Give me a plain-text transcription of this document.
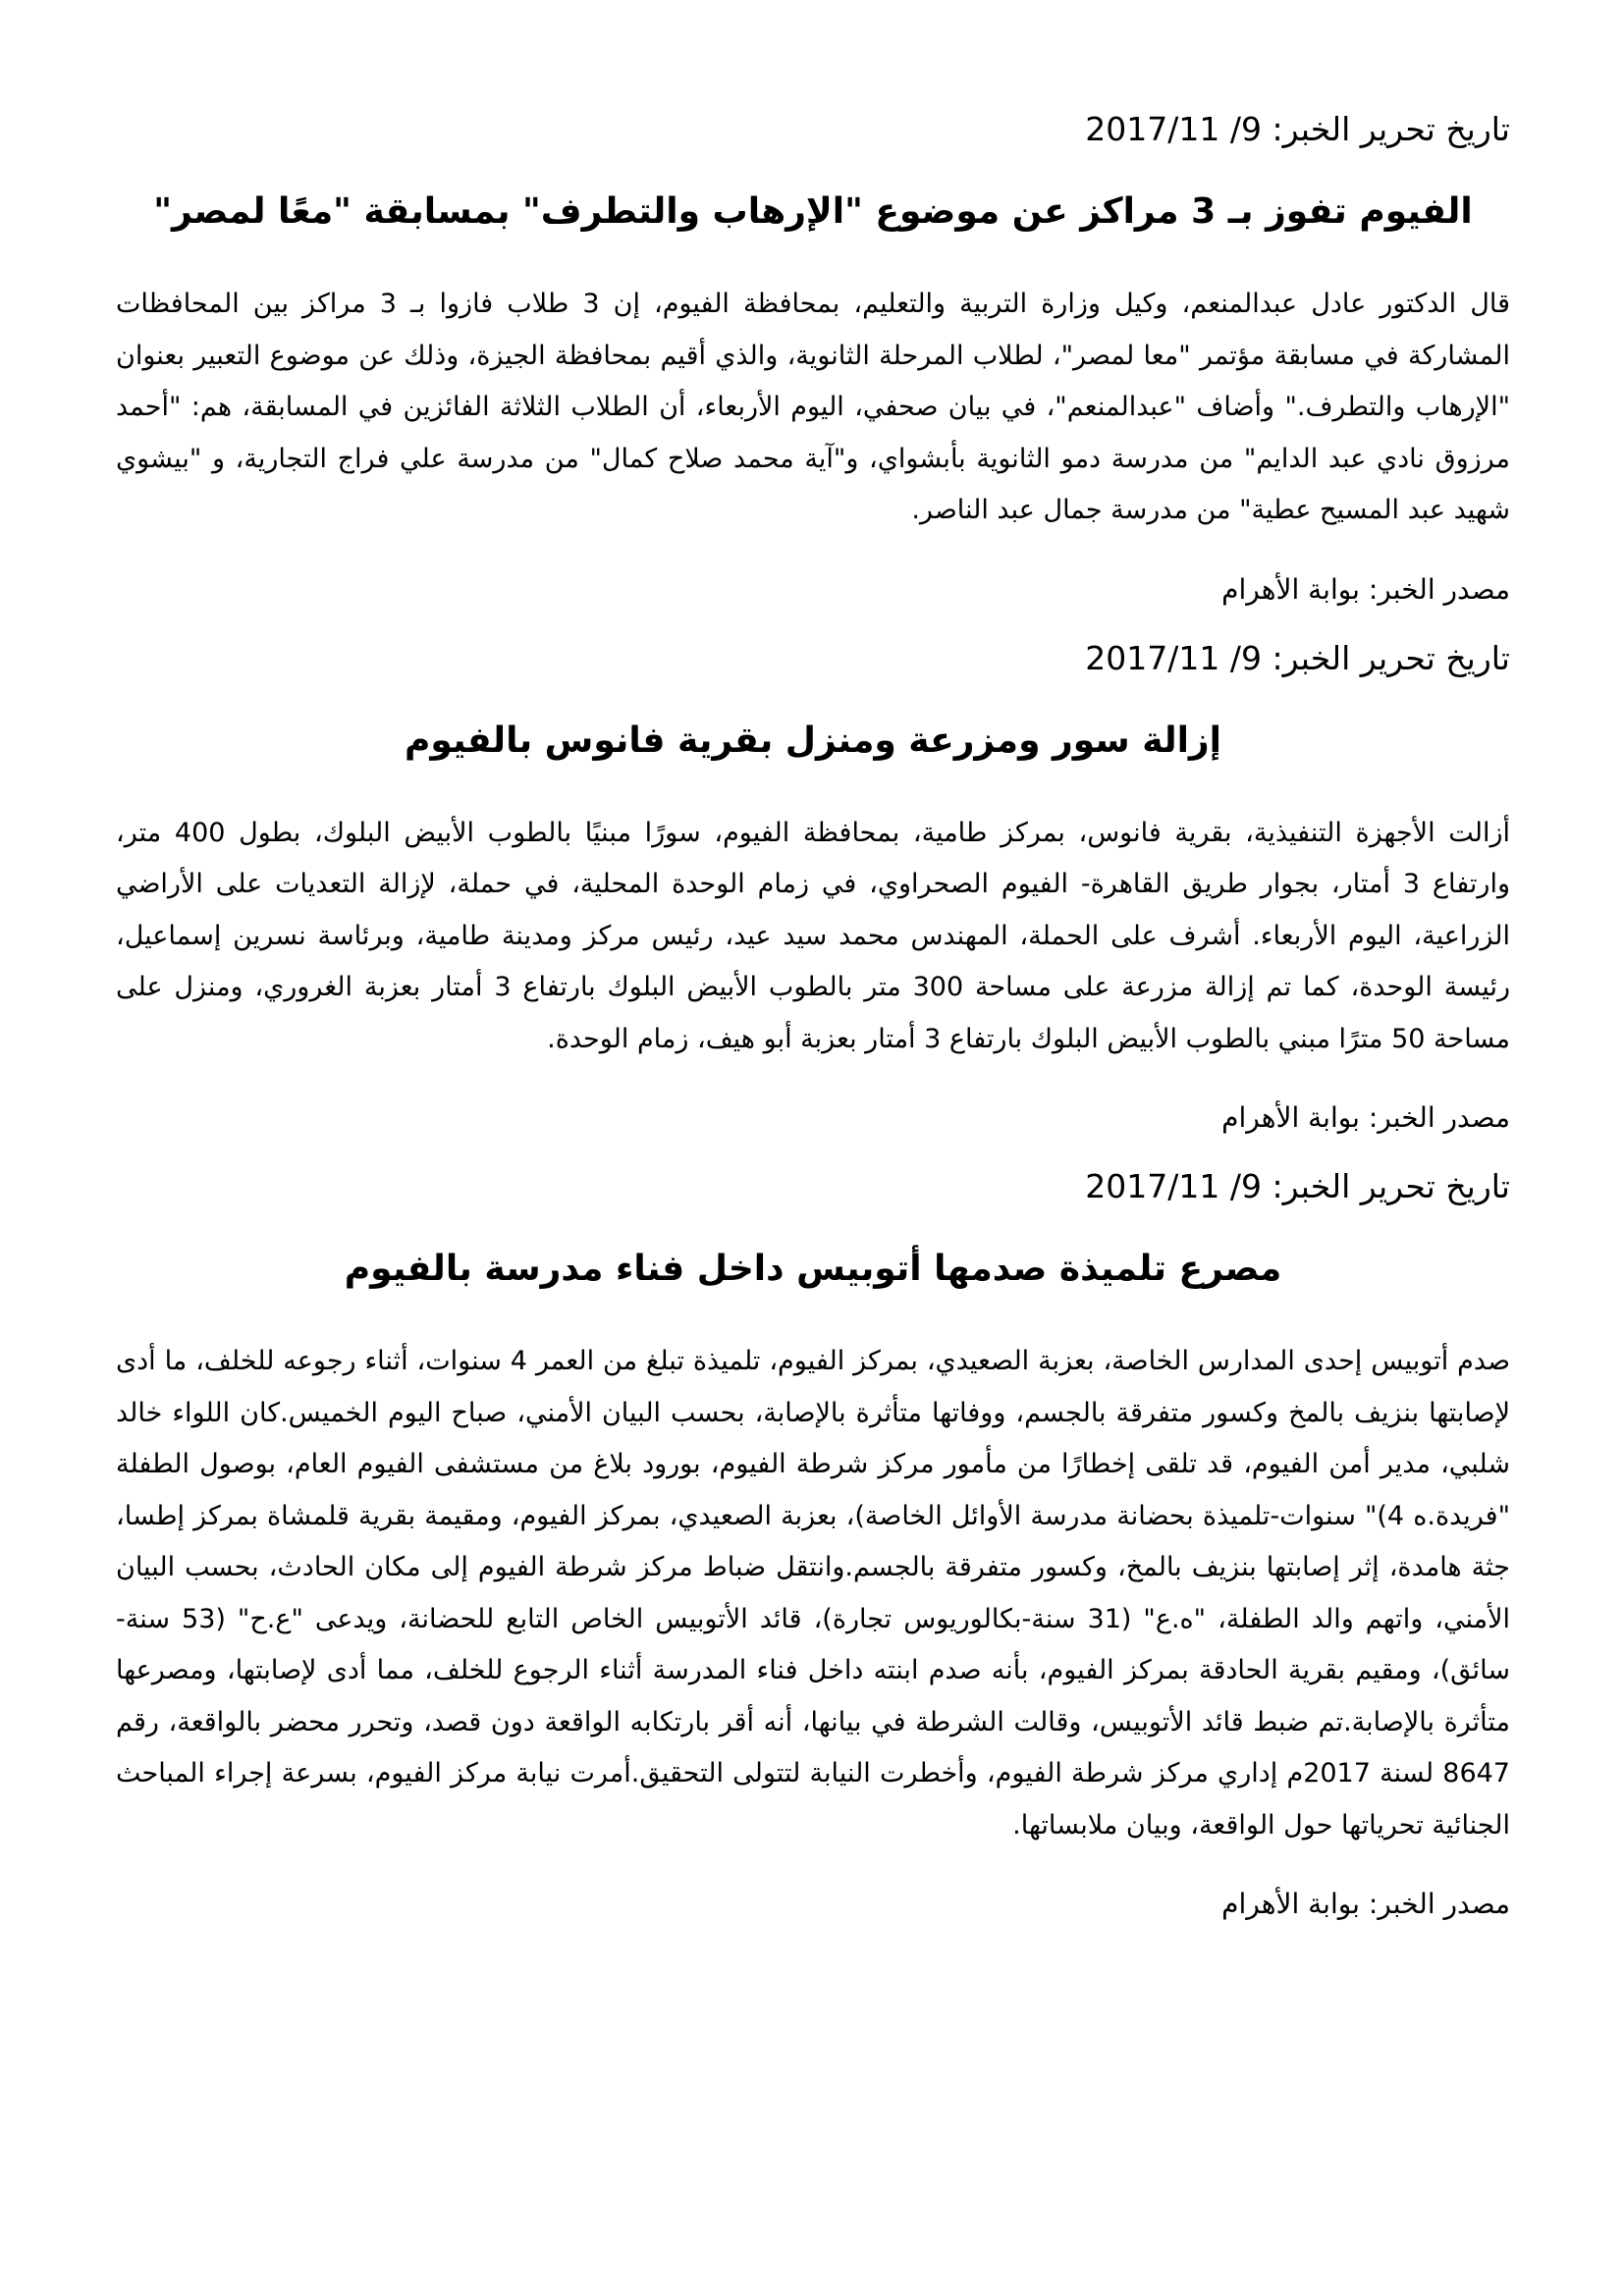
تاريخ تحرير الخبر: 9/ 2017/11

الفيوم تفوز بـ 3 مراكز عن موضوع "الإرهاب والتطرف" بمسابقة "معًا لمصر"

قال الدكتور عادل عبدالمنعم، وكيل وزارة التربية والتعليم، بمحافظة الفيوم، إن 3 طلاب فازوا بـ 3 مراكز بين المحافظات المشاركة في مسابقة مؤتمر "معا لمصر"، لطلاب المرحلة الثانوية، والذي أقيم بمحافظة الجيزة، وذلك عن موضوع التعبير بعنوان "الإرهاب والتطرف." وأضاف "عبدالمنعم"، في بيان صحفي، اليوم الأربعاء، أن الطلاب الثلاثة الفائزين في المسابقة، هم: "أحمد مرزوق نادي عبد الدايم" من مدرسة دمو الثانوية بأبشواي، و"آية محمد صلاح كمال" من مدرسة علي فراج التجارية، و "بيشوي شهيد عبد المسيح عطية" من مدرسة جمال عبد الناصر.

مصدر الخبر: بوابة الأهرام

تاريخ تحرير الخبر: 9/ 2017/11

إزالة سور ومزرعة ومنزل بقرية فانوس بالفيوم

أزالت الأجهزة التنفيذية، بقرية فانوس، بمركز طامية، بمحافظة الفيوم، سورًا مبنيًا بالطوب الأبيض البلوك، بطول 400 متر، وارتفاع 3 أمتار، بجوار طريق القاهرة- الفيوم الصحراوي، في زمام الوحدة المحلية، في حملة، لإزالة التعديات على الأراضي الزراعية، اليوم الأربعاء. أشرف على الحملة، المهندس محمد سيد عيد، رئيس مركز ومدينة طامية، وبرئاسة نسرين إسماعيل، رئيسة الوحدة، كما تم إزالة مزرعة على مساحة 300 متر بالطوب الأبيض البلوك بارتفاع 3 أمتار بعزبة الغروري، ومنزل على مساحة 50 مترًا مبني بالطوب الأبيض البلوك بارتفاع 3 أمتار بعزبة أبو هيف، زمام الوحدة.

مصدر الخبر: بوابة الأهرام

تاريخ تحرير الخبر: 9/ 2017/11

مصرع تلميذة صدمها أتوبيس داخل فناء مدرسة بالفيوم

صدم أتوبيس إحدى المدارس الخاصة، بعزبة الصعيدي، بمركز الفيوم، تلميذة تبلغ من العمر 4 سنوات، أثناء رجوعه للخلف، ما أدى لإصابتها بنزيف بالمخ وكسور متفرقة بالجسم، ووفاتها متأثرة بالإصابة، بحسب البيان الأمني، صباح اليوم الخميس.كان اللواء خالد شلبي، مدير أمن الفيوم، قد تلقى إخطارًا من مأمور مركز شرطة الفيوم، بورود بلاغ من مستشفى الفيوم العام، بوصول الطفلة "فريدة.ه 4)" سنوات-تلميذة بحضانة مدرسة الأوائل الخاصة)، بعزبة الصعيدي، بمركز الفيوم، ومقيمة بقرية قلمشاة بمركز إطسا، جثة هامدة، إثر إصابتها بنزيف بالمخ، وكسور متفرقة بالجسم.وانتقل ضباط مركز شرطة الفيوم إلى مكان الحادث، بحسب البيان الأمني، واتهم والد الطفلة، "ه.ع" (31 سنة-بكالوريوس تجارة)، قائد الأتوبيس الخاص التابع للحضانة، ويدعى "ع.ح" (53 سنة-سائق)، ومقيم بقرية الحادقة بمركز الفيوم، بأنه صدم ابنته داخل فناء المدرسة أثناء الرجوع للخلف، مما أدى لإصابتها، ومصرعها متأثرة بالإصابة.تم ضبط قائد الأتوبيس، وقالت الشرطة في بيانها، أنه أقر بارتكابه الواقعة دون قصد، وتحرر محضر بالواقعة، رقم 8647 لسنة 2017م إداري مركز شرطة الفيوم، وأخطرت النيابة لتتولى التحقيق.أمرت نيابة مركز الفيوم، بسرعة إجراء المباحث الجنائية تحرياتها حول الواقعة، وبيان ملابساتها.

مصدر الخبر: بوابة الأهرام
